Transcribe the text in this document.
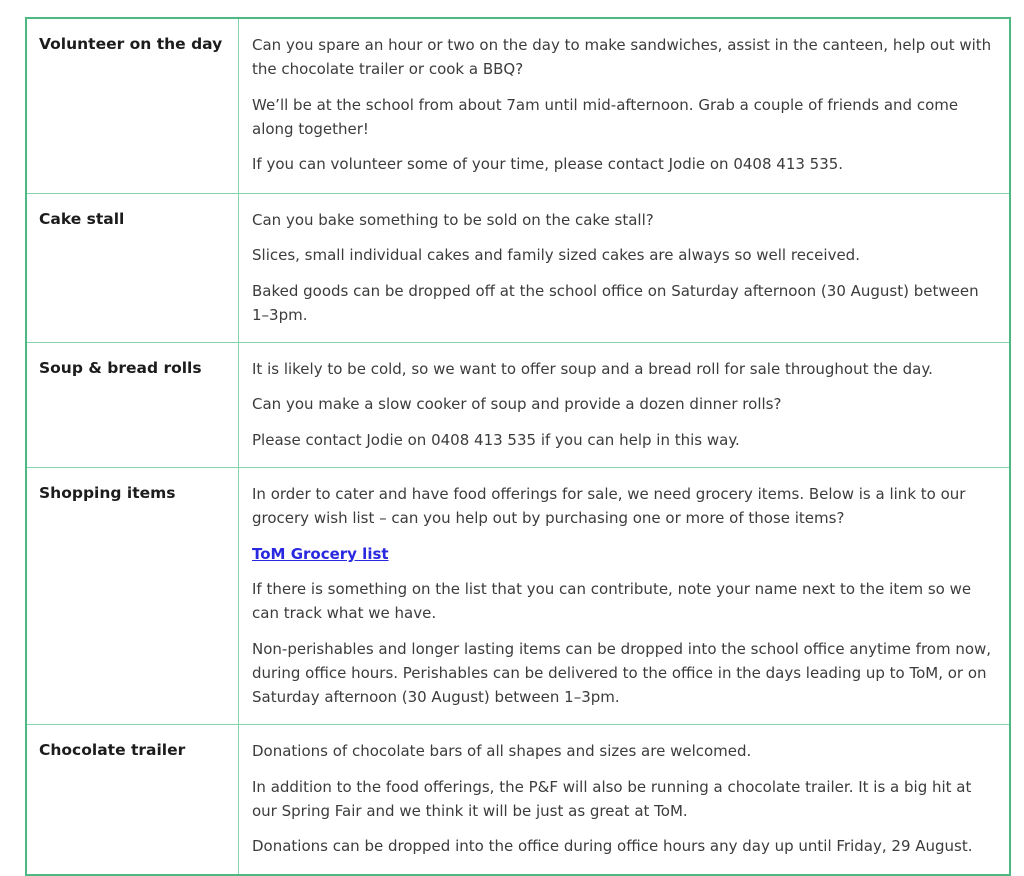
Volunteer on the day	Can you spare an hour or two on the day to make sandwiches, assist in the canteen, help out with the chocolate trailer or cook a BBQ?

We’ll be at the school from about 7am until mid-afternoon. Grab a couple of friends and come along together!

If you can volunteer some of your time, please contact Jodie on 0408 413 535.

Cake stall	Can you bake something to be sold on the cake stall?

Slices, small individual cakes and family sized cakes are always so well received.

Baked goods can be dropped off at the school office on Saturday afternoon (30 August) between 1–3pm.

Soup & bread rolls	It is likely to be cold, so we want to offer soup and a bread roll for sale throughout the day.

Can you make a slow cooker of soup and provide a dozen dinner rolls?

Please contact Jodie on 0408 413 535 if you can help in this way.

Shopping items	In order to cater and have food offerings for sale, we need grocery items. Below is a link to our grocery wish list – can you help out by purchasing one or more of those items?

ToM Grocery list

If there is something on the list that you can contribute, note your name next to the item so we can track what we have.

Non-perishables and longer lasting items can be dropped into the school office anytime from now, during office hours. Perishables can be delivered to the office in the days leading up to ToM, or on Saturday afternoon (30 August) between 1–3pm.

Chocolate trailer	Donations of chocolate bars of all shapes and sizes are welcomed.

In addition to the food offerings, the P&F will also be running a chocolate trailer. It is a big hit at our Spring Fair and we think it will be just as great at ToM.

Donations can be dropped into the office during office hours any day up until Friday, 29 August.
